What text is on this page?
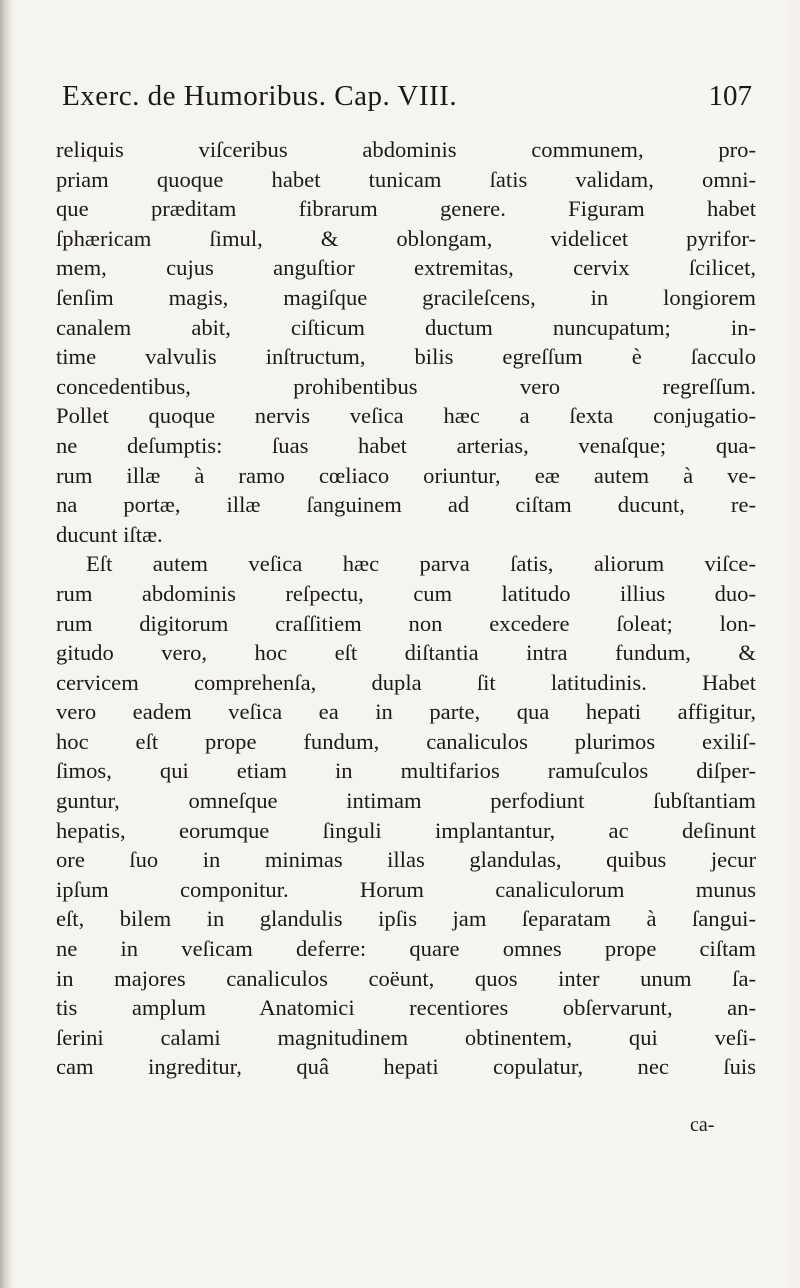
Exerc. de Humoribus. Cap. VIII.	107
reliquis viſceribus abdominis communem, pro-
priam quoque habet tunicam ſatis validam, omni-
que præditam fibrarum genere. Figuram habet
ſphæricam ſimul, & oblongam, videlicet pyrifor-
mem, cujus anguſtior extremitas, cervix ſcilicet,
ſenſim magis, magiſque gracileſcens, in longiorem
canalem abit, ciſticum ductum nuncupatum; in-
time valvulis inſtructum, bilis egreſſum è ſacculo
concedentibus, prohibentibus vero regreſſum.
Pollet quoque nervis veſica hæc a ſexta conjugatio-
ne deſumptis: ſuas habet arterias, venaſque; qua-
rum illæ à ramo cœliaco oriuntur, eæ autem à ve-
na portæ, illæ ſanguinem ad ciſtam ducunt, re-
ducunt iſtæ.
Eſt autem veſica hæc parva ſatis, aliorum viſce-
rum abdominis reſpectu, cum latitudo illius duo-
rum digitorum craſſitiem non excedere ſoleat; lon-
gitudo vero, hoc eſt diſtantia intra fundum, &
cervicem comprehenſa, dupla ſit latitudinis. Habet
vero eadem veſica ea in parte, qua hepati affigitur,
hoc eſt prope fundum, canaliculos plurimos exiliſ-
ſimos, qui etiam in multifarios ramuſculos diſper-
guntur, omneſque intimam perfodiunt ſubſtantiam
hepatis, eorumque ſinguli implantantur, ac deſinunt
ore ſuo in minimas illas glandulas, quibus jecur
ipſum componitur. Horum canaliculorum munus
eſt, bilem in glandulis ipſis jam ſeparatam à ſangui-
ne in veſicam deferre: quare omnes prope ciſtam
in majores canaliculos coëunt, quos inter unum ſa-
tis amplum Anatomici recentiores obſervarunt, an-
ſerini calami magnitudinem obtinentem, qui veſi-
cam ingreditur, quâ hepati copulatur, nec ſuis
ca-
